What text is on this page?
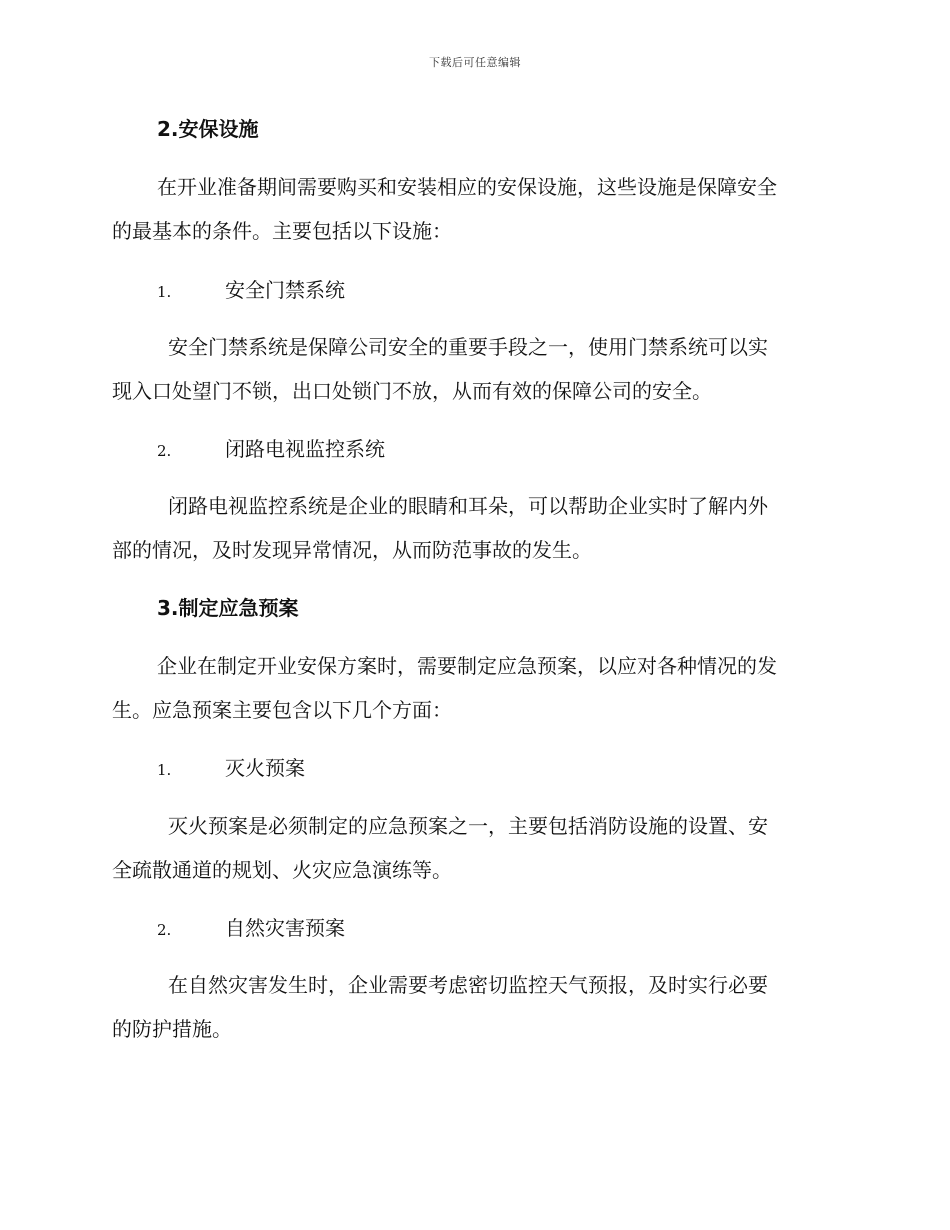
下载后可任意编辑
2.安保设施
在开业准备期间需要购买和安装相应的安保设施，这些设施是保障安全
的最基本的条件。主要包括以下设施：
1.	安全门禁系统
安全门禁系统是保障公司安全的重要手段之一，使用门禁系统可以实
现入口处望门不锁，出口处锁门不放，从而有效的保障公司的安全。
2.	闭路电视监控系统
闭路电视监控系统是企业的眼睛和耳朵，可以帮助企业实时了解内外
部的情况，及时发现异常情况，从而防范事故的发生。
3.制定应急预案
企业在制定开业安保方案时，需要制定应急预案，以应对各种情况的发
生。应急预案主要包含以下几个方面：
1.	灭火预案
灭火预案是必须制定的应急预案之一，主要包括消防设施的设置、安
全疏散通道的规划、火灾应急演练等。
2.	自然灾害预案
在自然灾害发生时，企业需要考虑密切监控天气预报，及时实行必要
的防护措施。
